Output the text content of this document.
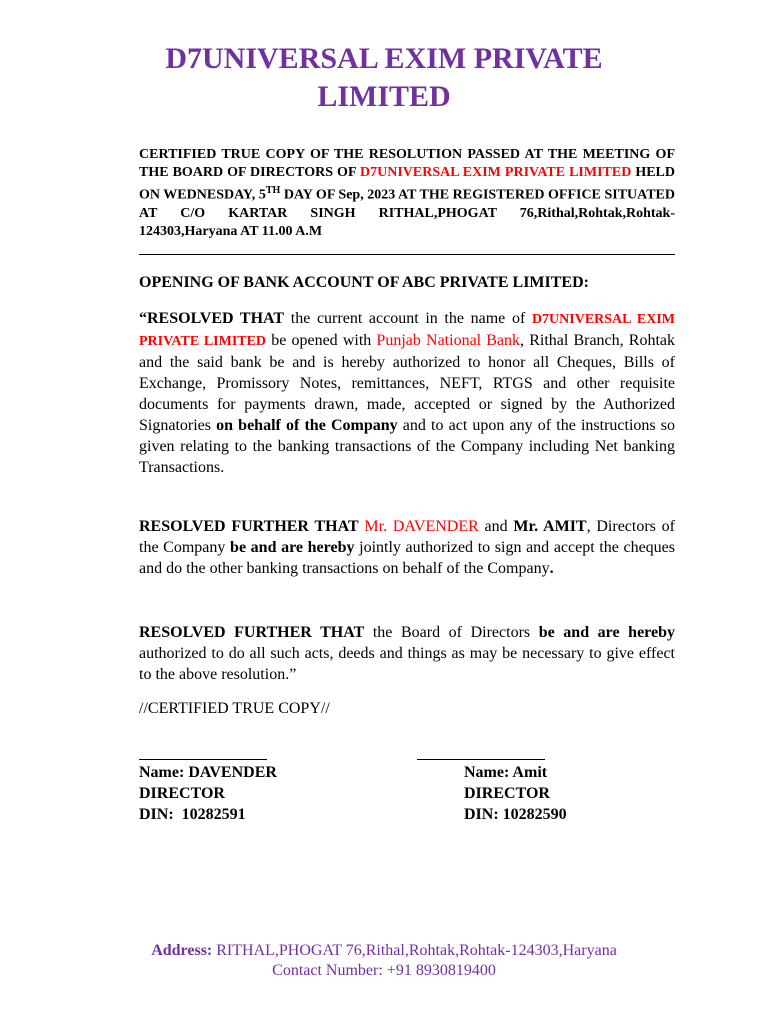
D7UNIVERSAL EXIM PRIVATE
LIMITED
CERTIFIED TRUE COPY OF THE RESOLUTION PASSED AT THE MEETING OF THE BOARD OF DIRECTORS OF D7UNIVERSAL EXIM PRIVATE LIMITED HELD ON WEDNESDAY, 5TH DAY OF Sep, 2023 AT THE REGISTERED OFFICE SITUATED AT C/O KARTAR SINGH RITHAL,PHOGAT 76,Rithal,Rohtak,Rohtak-124303,Haryana AT 11.00 A.M
OPENING OF BANK ACCOUNT OF ABC PRIVATE LIMITED:
“RESOLVED THAT the current account in the name of D7UNIVERSAL EXIM PRIVATE LIMITED be opened with Punjab National Bank, Rithal Branch, Rohtak and the said bank be and is hereby authorized to honor all Cheques, Bills of Exchange, Promissory Notes, remittances, NEFT, RTGS and other requisite documents for payments drawn, made, accepted or signed by the Authorized Signatories on behalf of the Company and to act upon any of the instructions so given relating to the banking transactions of the Company including Net banking Transactions.
RESOLVED FURTHER THAT Mr. DAVENDER and Mr. AMIT, Directors of the Company be and are hereby jointly authorized to sign and accept the cheques and do the other banking transactions on behalf of the Company.
RESOLVED FURTHER THAT the Board of Directors be and are hereby authorized to do all such acts, deeds and things as may be necessary to give effect to the above resolution.”
//CERTIFIED TRUE COPY//
Name: DAVENDER
DIRECTOR
DIN:  10282591
Name: Amit
DIRECTOR
DIN: 10282590
Address: RITHAL,PHOGAT 76,Rithal,Rohtak,Rohtak-124303,Haryana
Contact Number: +91 8930819400
